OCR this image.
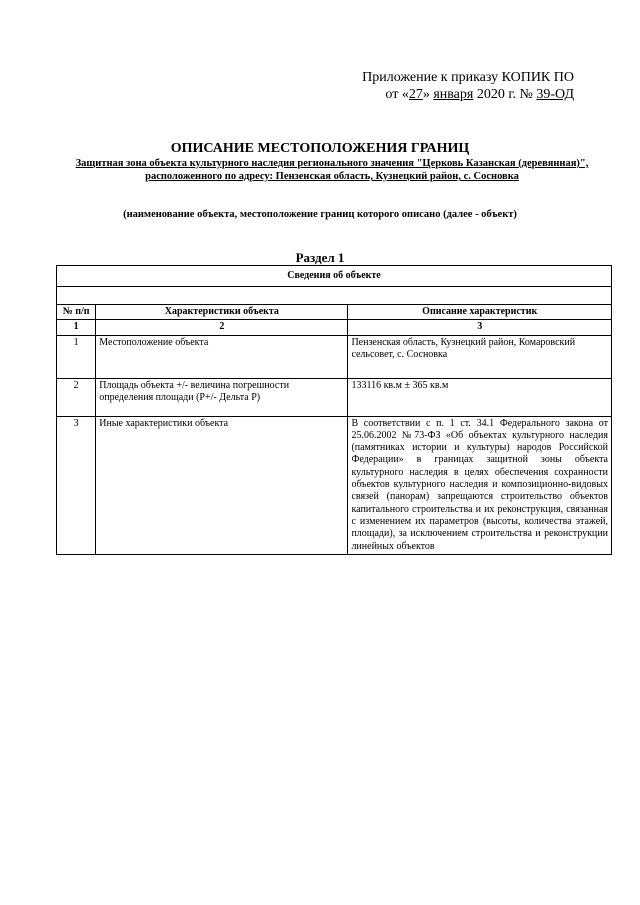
Приложение к приказу КОПИК ПО
от «27» января 2020 г. № 39-ОД
ОПИСАНИЕ МЕСТОПОЛОЖЕНИЯ ГРАНИЦ
Защитная зона объекта культурного наследия регионального значения "Церковь Казанская (деревянная)", расположенного по адресу: Пензенская область, Кузнецкий район, с. Сосновка
(наименование объекта, местоположение границ которого описано (далее - объект)
Раздел 1
Сведения об объекте		

№ п/п	Характеристики объекта	Описание характеристик
1	2	3
1	Местоположение объекта	Пензенская область, Кузнецкий район, Комаровский сельсовет, с. Сосновка
2	Площадь объекта +/- величина погрешности определения площади (P+/- Дельта P)	133116 кв.м ± 365 кв.м
3	Иные характеристики объекта	В соответствии с п. 1 ст. 34.1 Федерального закона от 25.06.2002 №73-ФЗ «Об объектах культурного наследия (памятниках истории и культуры) народов Российской Федерации» в границах защитной зоны объекта культурного наследия в целях обеспечения сохранности объектов культурного наследия и композиционно-видовых связей (панорам) запрещаются строительство объектов капитального строительства и их реконструкция, связанная с изменением их параметров (высоты, количества этажей, площади), за исключением строительства и реконструкции линейных объектов
